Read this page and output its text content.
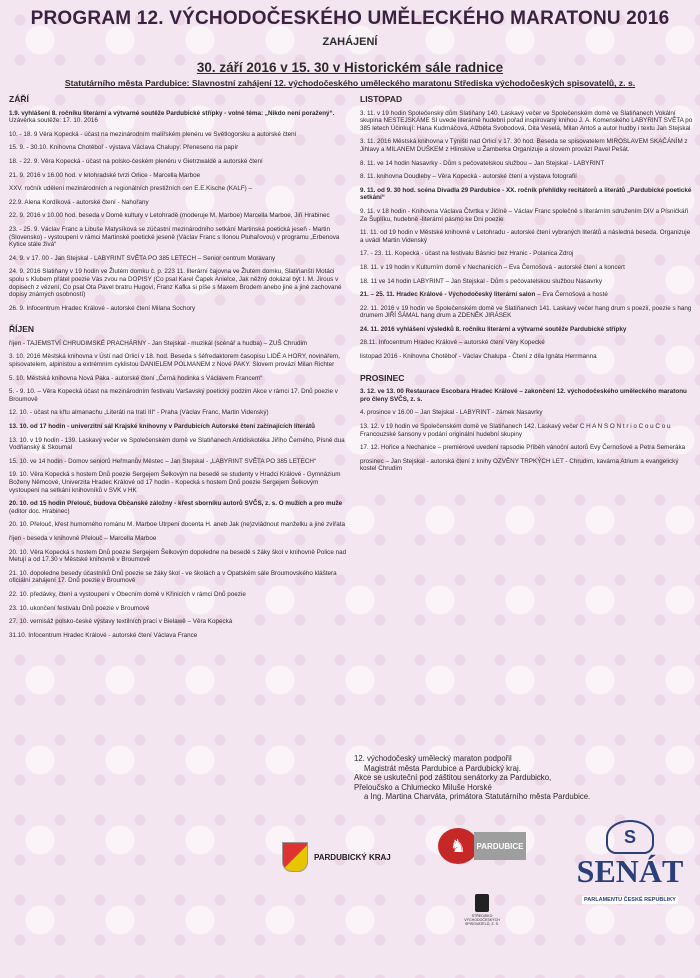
PROGRAM 12. VÝCHODOČESKÉHO UMĚLECKÉHO MARATONU 2016
ZAHÁJENÍ
30. září 2016 v 15. 30 v Historickém sále radnice
Statutárního města Pardubice: Slavnostní zahájení 12. východočeského uměleckého maratonu Střediska východočeských spisovatelů, z. s.
ZÁŘÍ
1.9. vyhlášení 8. ročníku literární a výtvarné soutěže Pardubické střípky - volné téma: „Nikdo není poražený“. Uzávěrka soutěže: 17. 10. 2016
10. - 18. 9 Věra Kopecká - účast na mezinárodním malířském plenéru ve Světlogorsku a autorské čtení
15. 9. - 30.10. Knihovna Chotěboř - výstava Václava Chalupy: Přeneseno na papír
18. - 22. 9. Věra Kopecká - účast na polsko-českém plenéru v Gietrzwaldě a autorské čtení
21. 9. 2016 v 16.00 hod. v letohradské tvrzi Orlice - Marcella Marboe
XXV. ročník udělení mezinárodních a regionálních prestižních cen E.E.Kische (KALF) –
22.9. Alena Kordíková - autorské čtení - Nahořany
22. 9. 2016 v 10.00 hod. beseda v Domě kultury v Letohradě (moderuje M. Marboe) Marcella Marboe, Jiří Hrabinec
23. - 25. 9. Václav Franc a Libuše Matysíková se zúčastní mezinárodního setkání Martinská poetická jeseň - Martin (Slovensko) - vystoupení v rámci Martinské poetické jeseně (Václav Franc s Ilonou Pluhařovou) v programu „Erbenova Kytice stále živá“
24. 9. v 17. 00 - Jan Stejskal - LABYRINT SVĚTA PO 385 LETECH – Senior centrum Moravany
24. 9. 2016 Slatiňany v 19 hodin ve Žlutém domku č. p. 223 11. literární čajovna ve Žlutém domku, Slatiňanští Motáci spolu s Klubem přátel poezie Vás zvou na DOPISY (Co psal Karel Čapek Anielce, Jak něžný dokázal být I. M. Jirous v dopisech z vězení, Co psal Ota Pavel bratru Hugovi, Franz Kafka si píše s Maxem Brodem anebo jiné a jiné zachované dopisy známých osobností)
26. 9. Infocentrum Hradec Králové - autorské čtení Milana Sochory
ŘÍJEN
říjen - TAJEMSTVÍ CHRUDIMSKÉ PRACHÁRNY - Jan Stejskal - muzikál (scénář a hudba) – ZUŠ Chrudim
3. 10. 2016 Městská knihovna v Ústí nad Orlicí v 18. hod. Beseda s šéfredaktorem časopisu LIDÉ A HORY, novinářem, spisovatelem, alpinistou a extrémním cyklistou DANIELEM POLMANEM z Nové PAKY. Slovem provází Milan Richter
5. 10. Městská knihovna Nová Paka - autorské čtení „Černá hodinka s Václavem Francem“
5. - 9. 10. – Věra Kopecká účast na mezinárodním festivalu Varšavský poetický podzim Akce v rámci 17. Dnů poezie v Broumově
12. 10. - účast na křtu almanachu „Literáti na trati III“ - Praha (Václav Franc, Martin Videnský)
13. 10. od 17 hodin - univerzitní sál Krajské knihovny v Pardubicích Autorské čtení začínajících literátů
13. 10. v 19 hodin - 139. Laskavý večer ve Společenském domě ve Slatiňanech Antidiskotéka Jiřího Černého, Písně dua Vodňanský & Skoumal
15. 10. ve 14 hodin - Domov seniorů Heřmanův Městec – Jan Stejskal - „LABYRINT SVĚTA PO 385 LETECH“
19. 10. Věra Kopecká s hostem Dnů poezie Sergejem Šelkovým na besedě se studenty v Hradci Králové - Gymnázium Boženy Němcové, Univerzita Hradec Králové od 17 hodin - Kopecká s hostem Dnů poezie Sergejem Šelkovým vystoupení na setkání knihovníků v SVK v HK
20. 10. od 15 hodin Přelouč, budova Občanské záložny - křest sborníku autorů SVČS, z. s. O mužích a pro muže (editor doc. Hrabinec)
20. 10. Přelouč, křest humorného románu M. Marboe Utrpení docenta H. aneb Jak (ne)zvládnout manželku a jiné zvířata
říjen - beseda v knihovně Přelouč – Marcella Marboe
20. 10. Věra Kopecká s hostem Dnů poezie Sergejem Šelkovým dopoledne na besedě s žáky škol v knihovně Police nad Metují a od 17.30 v Městské knihovně v Broumově
21. 10. dopoledne besedy účastníků Dnů poezie se žáky škol - ve školách a v Opatském sále Broumovského kláštera oficiální zahájení 17. Dnů poezie v Broumově
22. 10. předávky, čtení a vystoupení v Obecním domě v Křinicích v rámci Dnů poezie
23. 10. ukončení festivalu Dnů poezie v Broumově
27. 10. vernisáž polsko-české výstavy textilních prací v Bielawě – Věra Kopecká
31.10. Infocentrum Hradec Králové - autorské čtení Václava France
LISTOPAD
3. 11. v 19 hodin Společenský dům Slatiňany 140. Laskavý večer ve Společenském domě ve Slatiňanech Vokální skupina NESTEJSKÁME SI uvede literárně hudební pořad inspirovaný knihou J. A. Komenského LABYRINT SVĚTA po 385 letech Účinkují: Hana Kudrnáčová, Alžběta Svobodová, Dita Veselá, Milan Antoš a autor hudby i textu Jan Stejskal
3. 11. 2016 Městská knihovna v Týništi nad Orlicí v 17. 30 hod. Beseda se spisovatelem MIROSLAVEM SKAČÁNÍM z Jihlavy a MILANEM DUŠKEM z Hlinskive u Žamberka Organizuje a slovem provází Pavel Pešát.
8. 11. ve 14 hodin Nasavrky - Dům s pečovatelskou službou – Jan Stejskal - LABYRINT
8. 11. knihovna Doudleby – Věra Kopecká - autorské čtení a výstava fotografií
9. 11. od 9. 30 hod. scéna Divadla 29 Pardubice - XX. ročník přehlídky recitátorů a literátů „Pardubické poetické setkání“
9. 11. v 18 hodin - Knihovna Václava Čtvrtka v Jičíně – Václav Franc společně s literárním sdružením DIV a Písničkáři Ze Šuplíku, hudebně -literární pásmo ke Dni poezie
11. 11. od 19 hodin v Městské knihovně v Letohradu - autorské čtení vybraných literátů a následná beseda. Organizuje a uvádí Martin Videnský
17. - 23. 11. Kopecká - účast na festivalu Básnici bez Hranic - Polanica Zdroj
18. 11. v 19 hodin v Kulturním domě v Nechanicích – Eva Černošová - autorské čtení a koncert
18. 11 ve 14 hodin LABYRINT – Jan Stejskal - Dům s pečovatelskou službou Nasavrky
21. – 25. 11. Hradec Králové - Východočeský literární salon – Eva Černošová a hosté
22. 11. 2016 v 19 hodin ve Společenském domě ve Slatiňanech 141. Laskavý večer hang drum s poezií, poezie s hang drumem JIŘÍ ŠÁMAL hang drum a ZDENĚK JIRÁSEK
24. 11. 2016 vyhlášení výsledků 8. ročníku literární a výtvarné soutěže Pardubické střípky
28.11. Infocentrum Hradec Králové – autorské čtení Věry Kopecké
listopad 2016 - Knihovna Chotěboř - Václav Chalupa - Čtení z díla Ignáta Herrmanna
PROSINEC
3. 12. ve 13. 00 Restaurace Escobara Hradec Králové – zakončení 12. východočeského uměleckého maratonu pro členy SVČS, z. s.
4. prosince v 16.00 – Jan Stejskal - LABYRINT - zámek Nasavrky
13. 12. v 19 hodin ve Společenském domě ve Slatiňanech 142. Laskavý večer C H A N S O N t r i o C o u C o u Francouzské šansony v podání originální hudební skupiny
17. 12. Hořice a Nechanice – premiérové uvedení rapsodie Příběh vánoční autorů Evy Černošové a Petra Semeráka
prosinec – Jan Stejskal - autorská čtení z knihy OZVĚNY TRPKÝCH LET - Chrudim, kavárna Atrium a evangelický kostel Chrudim
12. východočeský umělecký maraton podpořil
Magistrát města Pardubice a Pardubický kraj.
Akce se uskuteční pod záštitou senátorky za Pardubicko,
Přeloučsko a Chlumecko Miluše Horské
a Ing. Martina Charváta, primátora Statutárního města Pardubice.
PARDUBICKÝ KRAJ
♞	PARDUBICE	S
SENÁT
PARLAMENTU ČESKÉ REPUBLIKY
STŘEDISKO VÝCHODOČESKÝCH SPISOVATELŮ, Z. S.
